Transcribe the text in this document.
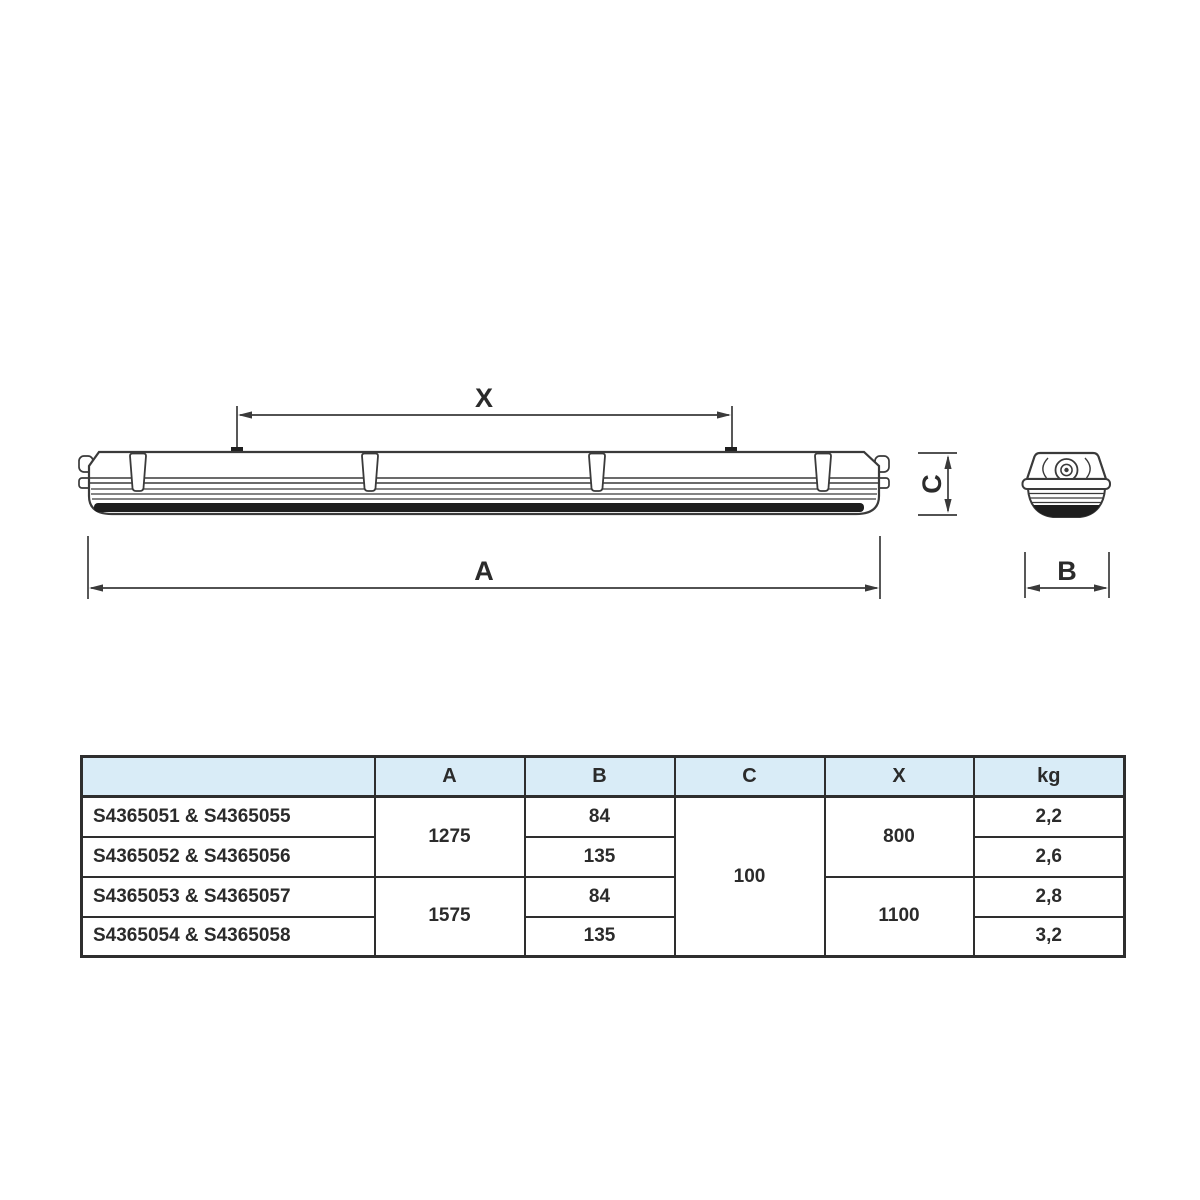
X
A
C
B
	A	B	C	X	kg
S4365051 & S4365055	1275	84	100	800	2,2
S4365052 & S4365056		135			2,6
S4365053 & S4365057	1575	84		1100	2,8
S4365054 & S4365058		135			3,2
